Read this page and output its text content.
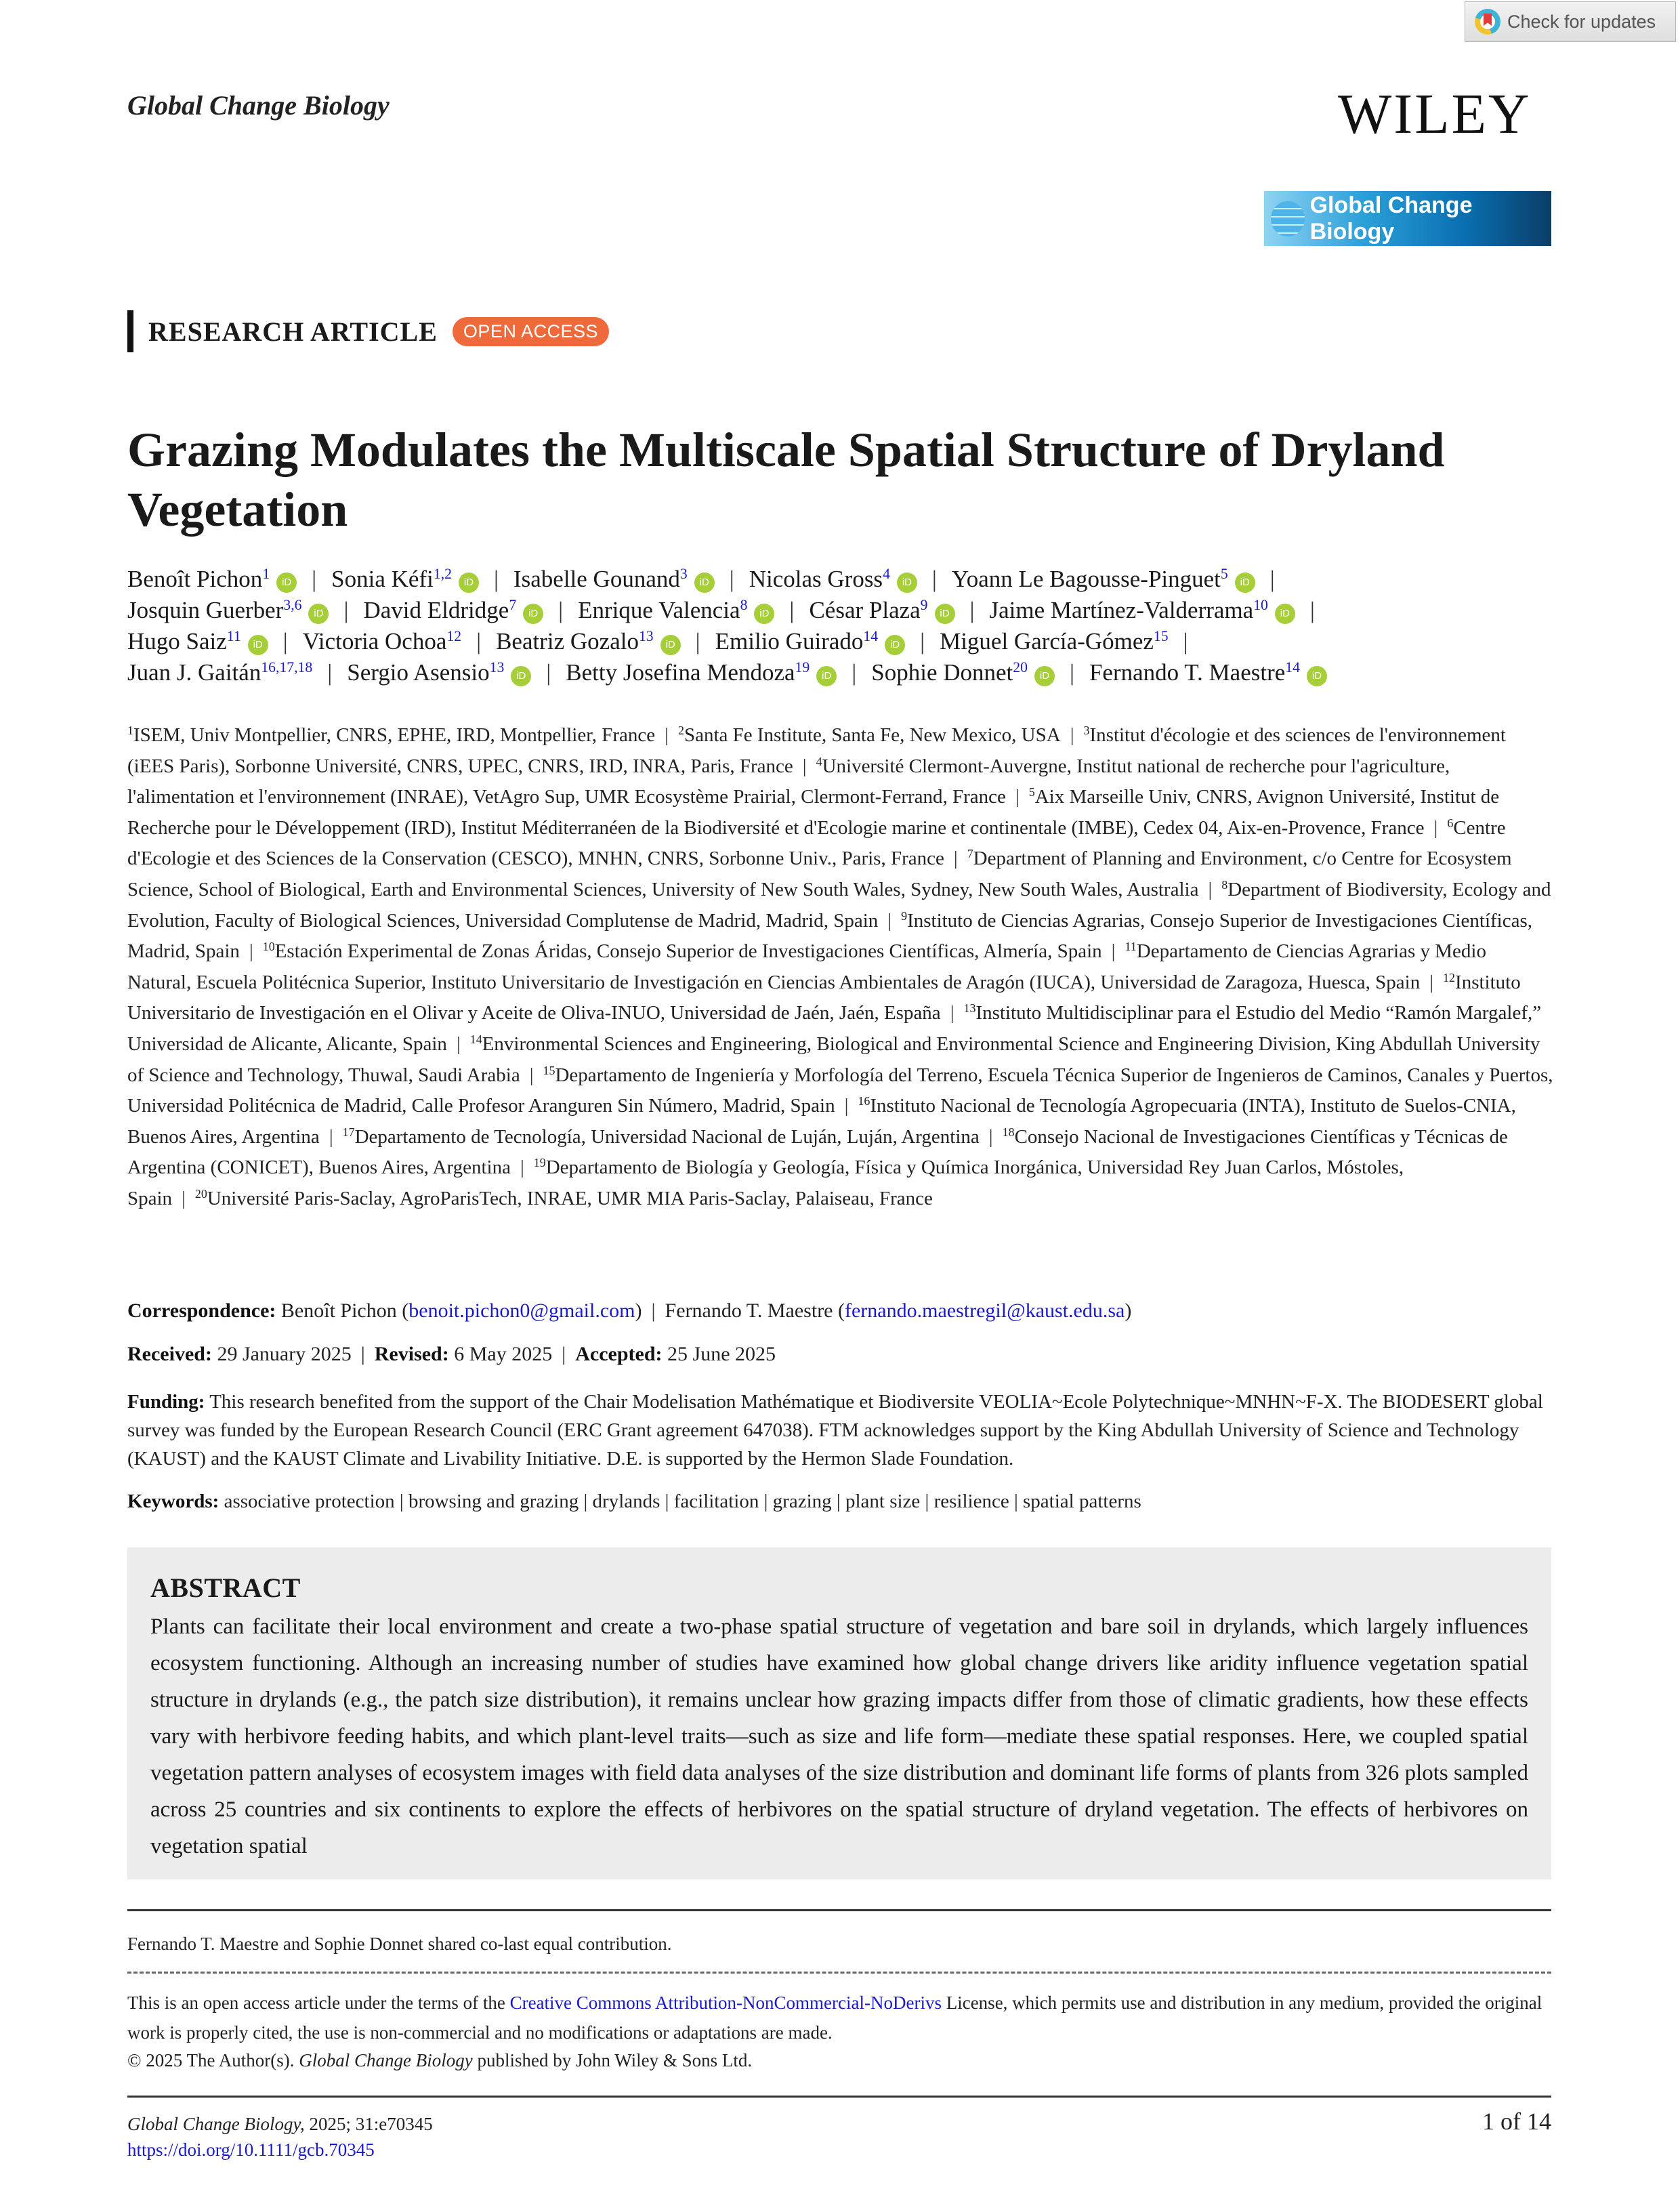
Check for updates
Global Change Biology	WILEY
Global Change Biology
RESEARCH ARTICLE	OPEN ACCESS
Grazing Modulates the Multiscale Spatial Structure of Dryland Vegetation
Benoît Pichon$^1$iD | Sonia Kéfi$^{1,2}$iD | Isabelle Gounand$^3$iD | Nicolas Gross$^4$iD | Yoann Le Bagousse-Pinguet$^5$iD |
Josquin Guerber$^{3,6}$iD | David Eldridge$^7$iD | Enrique Valencia$^8$iD | César Plaza$^9$iD | Jaime Martínez-Valderrama$^{10}$iD |
Hugo Saiz$^{11}$iD | Victoria Ochoa$^{12}$ | Beatriz Gozalo$^{13}$iD | Emilio Guirado$^{14}$iD | Miguel García-Gómez$^{15}$ |
Juan J. Gaitán$^{16,17,18}$ | Sergio Asensio$^{13}$iD | Betty Josefina Mendoza$^{19}$iD | Sophie Donnet$^{20}$iD | Fernando T. Maestre$^{14}$iD
$^1$ISEM, Univ Montpellier, CNRS, EPHE, IRD, Montpellier, France | $^2$Santa Fe Institute, Santa Fe, New Mexico, USA | $^3$Institut d'écologie et des sciences de l'environnement (iEES Paris), Sorbonne Université, CNRS, UPEC, CNRS, IRD, INRA, Paris, France | $^4$Université Clermont-Auvergne, Institut national de recherche pour l'agriculture, l'alimentation et l'environnement (INRAE), VetAgro Sup, UMR Ecosystème Prairial, Clermont-Ferrand, France | $^5$Aix Marseille Univ, CNRS, Avignon Université, Institut de Recherche pour le Développement (IRD), Institut Méditerranéen de la Biodiversité et d'Ecologie marine et continentale (IMBE), Cedex 04, Aix-en-Provence, France | $^6$Centre d'Ecologie et des Sciences de la Conservation (CESCO), MNHN, CNRS, Sorbonne Univ., Paris, France | $^7$Department of Planning and Environment, c/o Centre for Ecosystem Science, School of Biological, Earth and Environmental Sciences, University of New South Wales, Sydney, New South Wales, Australia | $^8$Department of Biodiversity, Ecology and Evolution, Faculty of Biological Sciences, Universidad Complutense de Madrid, Madrid, Spain | $^9$Instituto de Ciencias Agrarias, Consejo Superior de Investigaciones Científicas, Madrid, Spain | $^{10}$Estación Experimental de Zonas Áridas, Consejo Superior de Investigaciones Científicas, Almería, Spain | $^{11}$Departamento de Ciencias Agrarias y Medio Natural, Escuela Politécnica Superior, Instituto Universitario de Investigación en Ciencias Ambientales de Aragón (IUCA), Universidad de Zaragoza, Huesca, Spain | $^{12}$Instituto Universitario de Investigación en el Olivar y Aceite de Oliva-INUO, Universidad de Jaén, Jaén, España | $^{13}$Instituto Multidisciplinar para el Estudio del Medio “Ramón Margalef,” Universidad de Alicante, Alicante, Spain | $^{14}$Environmental Sciences and Engineering, Biological and Environmental Science and Engineering Division, King Abdullah University of Science and Technology, Thuwal, Saudi Arabia | $^{15}$Departamento de Ingeniería y Morfología del Terreno, Escuela Técnica Superior de Ingenieros de Caminos, Canales y Puertos, Universidad Politécnica de Madrid, Calle Profesor Aranguren Sin Número, Madrid, Spain | $^{16}$Instituto Nacional de Tecnología Agropecuaria (INTA), Instituto de Suelos-CNIA, Buenos Aires, Argentina | $^{17}$Departamento de Tecnología, Universidad Nacional de Luján, Luján, Argentina | $^{18}$Consejo Nacional de Investigaciones Científicas y Técnicas de Argentina (CONICET), Buenos Aires, Argentina | $^{19}$Departamento de Biología y Geología, Física y Química Inorgánica, Universidad Rey Juan Carlos, Móstoles, Spain | $^{20}$Université Paris-Saclay, AgroParisTech, INRAE, UMR MIA Paris-Saclay, Palaiseau, France
Correspondence: Benoît Pichon (benoit.pichon0@gmail.com) | Fernando T. Maestre (fernando.maestregil@kaust.edu.sa)
Received: 29 January 2025 | Revised: 6 May 2025 | Accepted: 25 June 2025
Funding: This research benefited from the support of the Chair Modelisation Mathématique et Biodiversite VEOLIA~Ecole Polytechnique~MNHN~F-X. The BIODESERT global survey was funded by the European Research Council (ERC Grant agreement 647038). FTM acknowledges support by the King Abdullah University of Science and Technology (KAUST) and the KAUST Climate and Livability Initiative. D.E. is supported by the Hermon Slade Foundation.
Keywords: associative protection | browsing and grazing | drylands | facilitation | grazing | plant size | resilience | spatial patterns
ABSTRACT

Plants can facilitate their local environment and create a two-phase spatial structure of vegetation and bare soil in drylands, which largely influences ecosystem functioning. Although an increasing number of studies have examined how global change drivers like aridity influence vegetation spatial structure in drylands (e.g., the patch size distribution), it remains unclear how grazing impacts differ from those of climatic gradients, how these effects vary with herbivore feeding habits, and which plant-level traits—such as size and life form—mediate these spatial responses. Here, we coupled spatial vegetation pattern analyses of ecosystem images with field data analyses of the size distribution and dominant life forms of plants from 326 plots sampled across 25 countries and six continents to explore the effects of herbivores on the spatial structure of dryland vegetation. The effects of herbivores on vegetation spatial

Fernando T. Maestre and Sophie Donnet shared co-last equal contribution.
This is an open access article under the terms of the Creative Commons Attribution-NonCommercial-NoDerivs License, which permits use and distribution in any medium, provided the original work is properly cited, the use is non-commercial and no modifications or adaptations are made.
© 2025 The Author(s). Global Change Biology published by John Wiley & Sons Ltd.
Global Change Biology, 2025; 31:e70345
https://doi.org/10.1111/gcb.70345
1 of 14
